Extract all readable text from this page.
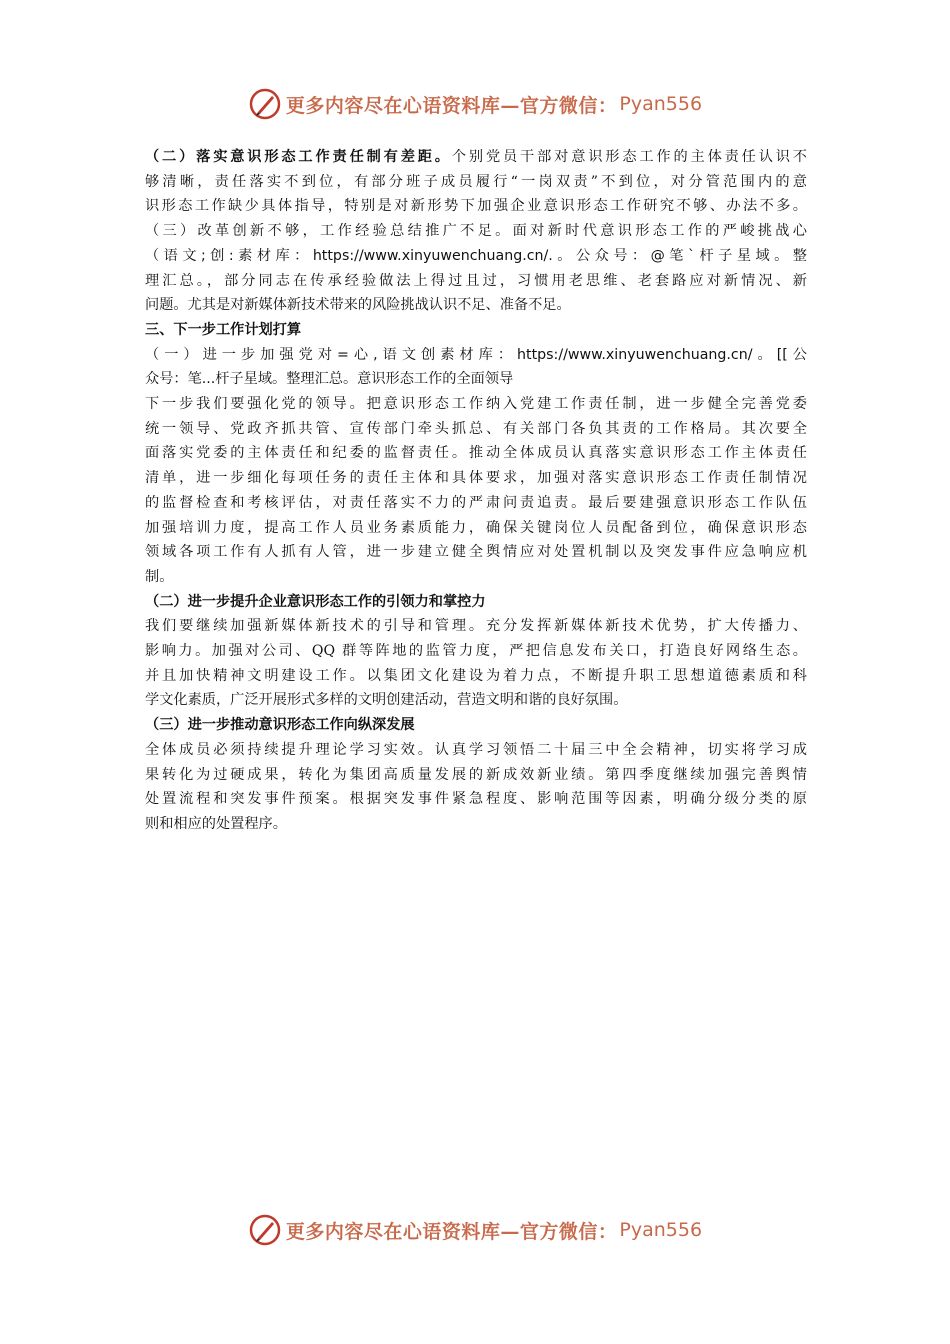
更多内容尽在心语资料库—官方微信： Pyan556
（二）落实意识形态工作责任制有差距。个别党员干部对意识形态工作的主体责任认识不
够清晰，责任落实不到位，有部分班子成员履行“一岗双责”不到位，对分管范围内的意
识形态工作缺少具体指导，特别是对新形势下加强企业意识形态工作研究不够、办法不多。
（三）改革创新不够，工作经验总结推广不足。面对新时代意识形态工作的严峻挑战心
（语文;创:素材库：https://www.xinyuwenchuang.cn/.。公众号：@笔`杆子星域。整
理汇总。，部分同志在传承经验做法上得过且过，习惯用老思维、老套路应对新情况、新
问题。尤其是对新媒体新技术带来的风险挑战认识不足、准备不足。
三、下一步工作计划打算
（一）进一步加强党对=心,语文创素材库：https://www.xinyuwenchuang.cn/。[[公
众号：笔...杆子星域。整理汇总。意识形态工作的全面领导
下一步我们要强化党的领导。把意识形态工作纳入党建工作责任制，进一步健全完善党委
统一领导、党政齐抓共管、宣传部门牵头抓总、有关部门各负其责的工作格局。其次要全
面落实党委的主体责任和纪委的监督责任。推动全体成员认真落实意识形态工作主体责任
清单，进一步细化每项任务的责任主体和具体要求，加强对落实意识形态工作责任制情况
的监督检查和考核评估，对责任落实不力的严肃问责追责。最后要建强意识形态工作队伍
加强培训力度，提高工作人员业务素质能力，确保关键岗位人员配备到位，确保意识形态
领域各项工作有人抓有人管，进一步建立健全舆情应对处置机制以及突发事件应急响应机
制。
（二）进一步提升企业意识形态工作的引领力和掌控力
我们要继续加强新媒体新技术的引导和管理。充分发挥新媒体新技术优势，扩大传播力、
影响力。加强对公司、QQ 群等阵地的监管力度，严把信息发布关口，打造良好网络生态。
并且加快精神文明建设工作。以集团文化建设为着力点，不断提升职工思想道德素质和科
学文化素质，广泛开展形式多样的文明创建活动，营造文明和谐的良好氛围。
（三）进一步推动意识形态工作向纵深发展
全体成员必须持续提升理论学习实效。认真学习领悟二十届三中全会精神，切实将学习成
果转化为过硬成果，转化为集团高质量发展的新成效新业绩。第四季度继续加强完善舆情
处置流程和突发事件预案。根据突发事件紧急程度、影响范围等因素，明确分级分类的原
则和相应的处置程序。
更多内容尽在心语资料库—官方微信： Pyan556
